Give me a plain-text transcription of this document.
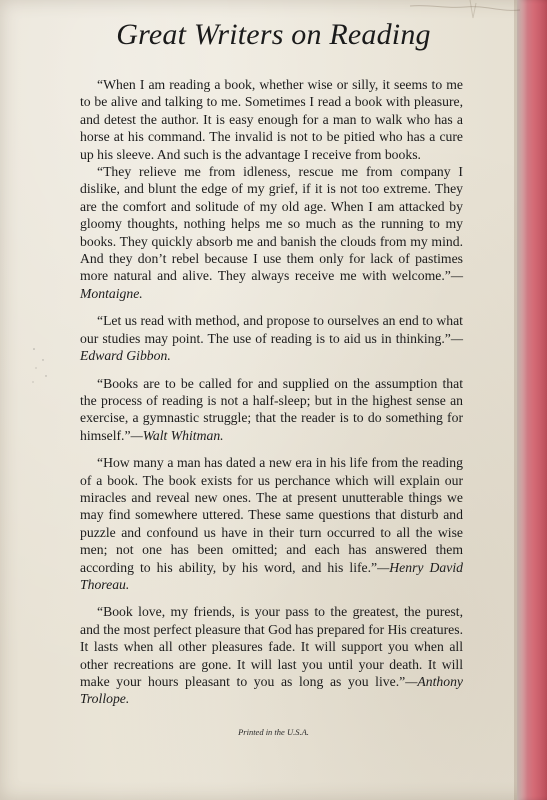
Great Writers on Reading

“When I am reading a book, whether wise or silly, it seems to me to be alive and talking to me. Sometimes I read a book with pleasure, and detest the author. It is easy enough for a man to walk who has a horse at his command. The invalid is not to be pitied who has a cure up his sleeve. And such is the advantage I receive from books.

“They relieve me from idleness, rescue me from company I dislike, and blunt the edge of my grief, if it is not too extreme. They are the comfort and solitude of my old age. When I am attacked by gloomy thoughts, nothing helps me so much as the running to my books. They quickly absorb me and banish the clouds from my mind. And they don’t rebel because I use them only for lack of pastimes more natural and alive. They always receive me with welcome.”—Montaigne.

“Let us read with method, and propose to ourselves an end to what our studies may point. The use of reading is to aid us in thinking.”—Edward Gibbon.

“Books are to be called for and supplied on the assumption that the process of reading is not a half-sleep; but in the highest sense an exercise, a gymnastic struggle; that the reader is to do something for himself.”—Walt Whitman.

“How many a man has dated a new era in his life from the reading of a book. The book exists for us perchance which will explain our miracles and reveal new ones. The at present unutterable things we may find somewhere uttered. These same questions that disturb and puzzle and confound us have in their turn occurred to all the wise men; not one has been omitted; and each has answered them according to his ability, by his word, and his life.”—Henry David Thoreau.

“Book love, my friends, is your pass to the greatest, the purest, and the most perfect pleasure that God has prepared for His creatures. It lasts when all other pleasures fade. It will support you when all other recreations are gone. It will last you until your death. It will make your hours pleasant to you as long as you live.”—Anthony Trollope.

Printed in the U.S.A.
